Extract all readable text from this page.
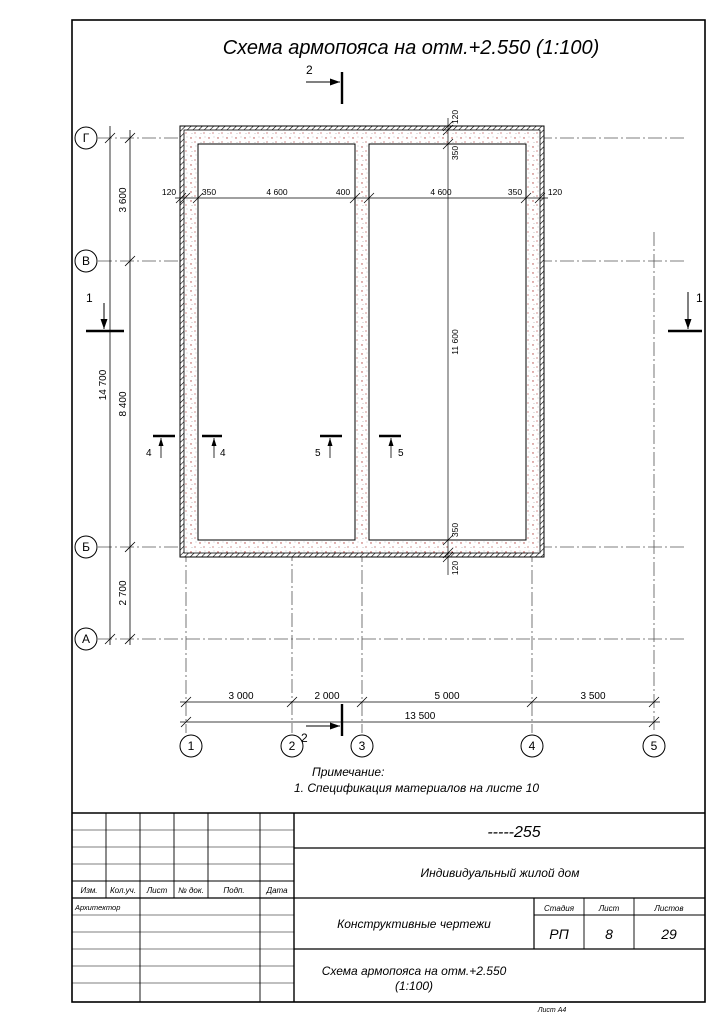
Схема армопояса на отм.+2.550 (1:100)
Г
В
Б
А
1	2	3	4	5
3 600
8 400
2 700
14 700
3 000	2 000	5 000	3 500
13 500
120	350	4 600	400	4 600	350	120
120
350
11 600
350
120
2
2
1	1
4	4	5	5
Примечание:
1. Спецификация материалов на листе 10
Изм. Кол.уч. Лист № док. Подп.	Дата
Архитектор
-----255
Индивидуальный жилой дом
Конструктивные чертежи
Стадия	Лист	Листов
РП	8	29
Схема армопояса на отм.+2.550
(1:100)
Лист А4
